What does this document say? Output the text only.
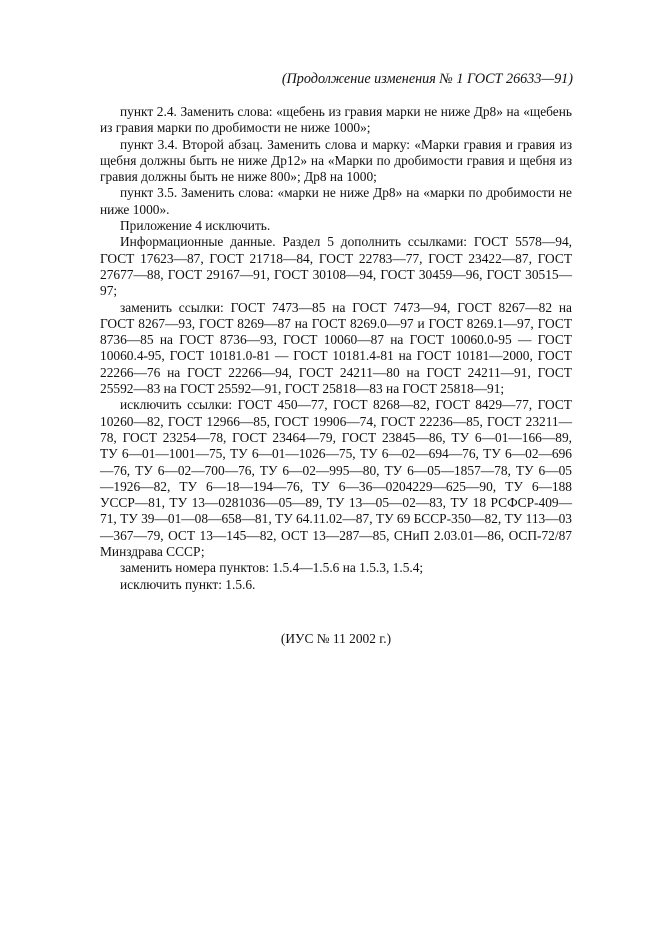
(Продолжение изменения № 1 ГОСТ 26633—91)

пункт 2.4. Заменить слова: «щебень из гравия марки не ниже Др8» на «щебень из гравия марки по дробимости не ниже 1000»;

пункт 3.4. Второй абзац. Заменить слова и марку: «Марки гравия и гравия из щебня должны быть не ниже Др12» на «Марки по дробимости гравия и щебня из гравия должны быть не ниже 800»; Др8 на 1000;

пункт 3.5. Заменить слова: «марки не ниже Др8» на «марки по дробимости не ниже 1000».

Приложение 4 исключить.

Информационные данные. Раздел 5 дополнить ссылками: ГОСТ 5578—94, ГОСТ 17623—87, ГОСТ 21718—84, ГОСТ 22783—77, ГОСТ 23422—87, ГОСТ 27677—88, ГОСТ 29167—91, ГОСТ 30108—94, ГОСТ 30459—96, ГОСТ 30515—97;

заменить ссылки: ГОСТ 7473—85 на ГОСТ 7473—94, ГОСТ 8267—82 на ГОСТ 8267—93, ГОСТ 8269—87 на ГОСТ 8269.0—97 и ГОСТ 8269.1—97, ГОСТ 8736—85 на ГОСТ 8736—93, ГОСТ 10060—87 на ГОСТ 10060.0-95 — ГОСТ 10060.4-95, ГОСТ 10181.0-81 — ГОСТ 10181.4-81 на ГОСТ 10181—2000, ГОСТ 22266—76 на ГОСТ 22266—94, ГОСТ 24211—80 на ГОСТ 24211—91, ГОСТ 25592—83 на ГОСТ 25592—91, ГОСТ 25818—83 на ГОСТ 25818—91;

исключить ссылки: ГОСТ 450—77, ГОСТ 8268—82, ГОСТ 8429—77, ГОСТ 10260—82, ГОСТ 12966—85, ГОСТ 19906—74, ГОСТ 22236—85, ГОСТ 23211—78, ГОСТ 23254—78, ГОСТ 23464—79, ГОСТ 23845—86, ТУ 6—01—166—89, ТУ 6—01—1001—75, ТУ 6—01—1026—75, ТУ 6—02—694—76, ТУ 6—02—696—76, ТУ 6—02—700—76, ТУ 6—02—995—80, ТУ 6—05—1857—78, ТУ 6—05—1926—82, ТУ 6—18—194—76, ТУ 6—36—0204229—625—90, ТУ 6—188 УССР—81, ТУ 13—0281036—05—89, ТУ 13—05—02—83, ТУ 18 РСФСР-409—71, ТУ 39—01—08—658—81, ТУ 64.11.02—87, ТУ 69 БССР-350—82, ТУ 113—03—367—79, ОСТ 13—145—82, ОСТ 13—287—85, СНиП 2.03.01—86, ОСП-72/87 Минздрава СССР;

заменить номера пунктов: 1.5.4—1.5.6 на 1.5.3, 1.5.4;

исключить пункт: 1.5.6.

(ИУС № 11 2002 г.)
